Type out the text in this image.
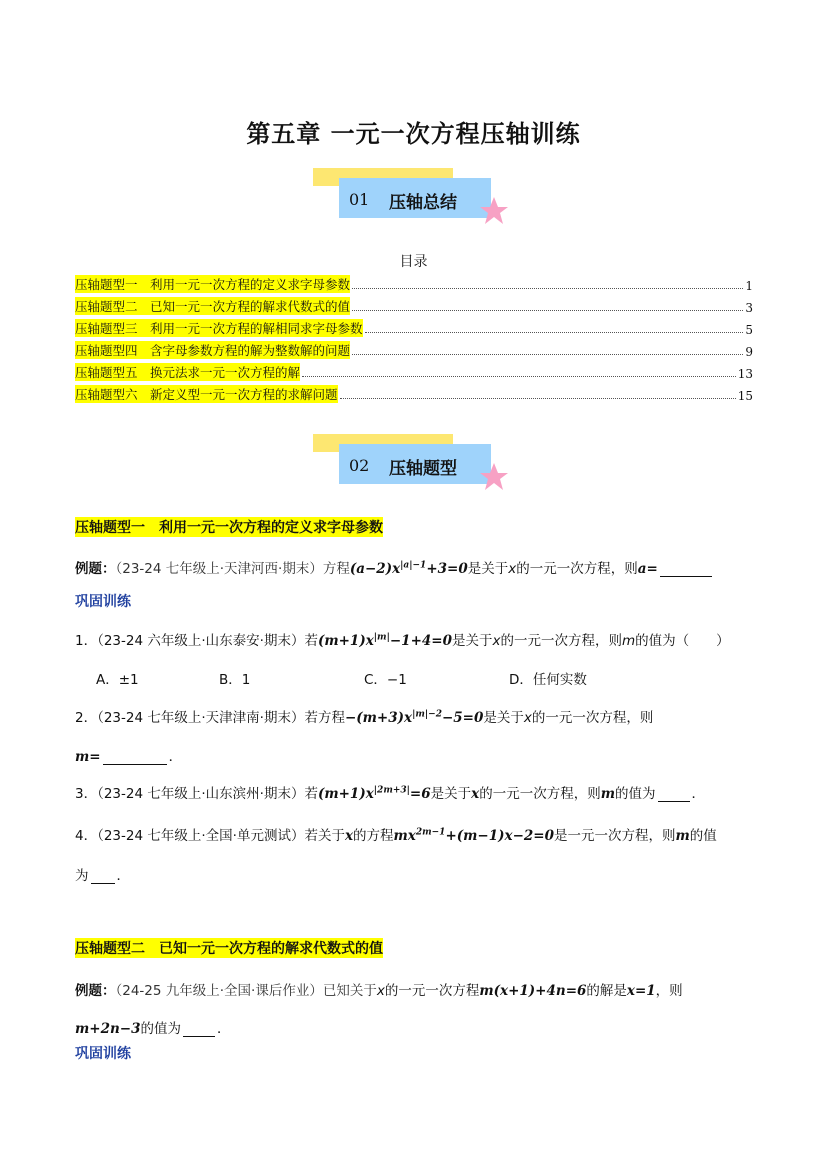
第五章 一元一次方程压轴训练
01 压轴总结
目录
压轴题型一　利用一元一次方程的定义求字母参数	1
压轴题型二　已知一元一次方程的解求代数式的值	3
压轴题型三　利用一元一次方程的解相同求字母参数	5
压轴题型四　含字母参数方程的解为整数解的问题	9
压轴题型五　换元法求一元一次方程的解	13
压轴题型六　新定义型一元一次方程的求解问题	15
02 压轴题型
压轴题型一　利用一元一次方程的定义求字母参数
例题：（23-24 七年级上·天津河西·期末）方程$(a-2)x^{|a|-1}+3=0$是关于x的一元一次方程，则a=
巩固训练
1．（23-24 六年级上·山东泰安·期末）若$(m+1)x^{|m|}-1+4=0$是关于x的一元一次方程，则m的值为（　　）
A．±1	B．1	C．−1	D．任何实数
2．（23-24 七年级上·天津津南·期末）若方程$-(m+3)x^{|m|-2}-5=0$是关于x的一元一次方程，则
m=	．
3．（23-24 七年级上·山东滨州·期末）若$(m+1)x^{|2m+3|}=6$是关于x的一元一次方程，则m的值为	．
4．（23-24 七年级上·全国·单元测试）若关于x的方程$mx^{2m-1}+(m-1)x-2=0$是一元一次方程，则m的值
为 ．
压轴题型二　已知一元一次方程的解求代数式的值
例题：（24-25 九年级上·全国·课后作业）已知关于x的一元一次方程m(x+1)+4n=6的解是x=1，则
m+2n−3的值为	．
巩固训练
